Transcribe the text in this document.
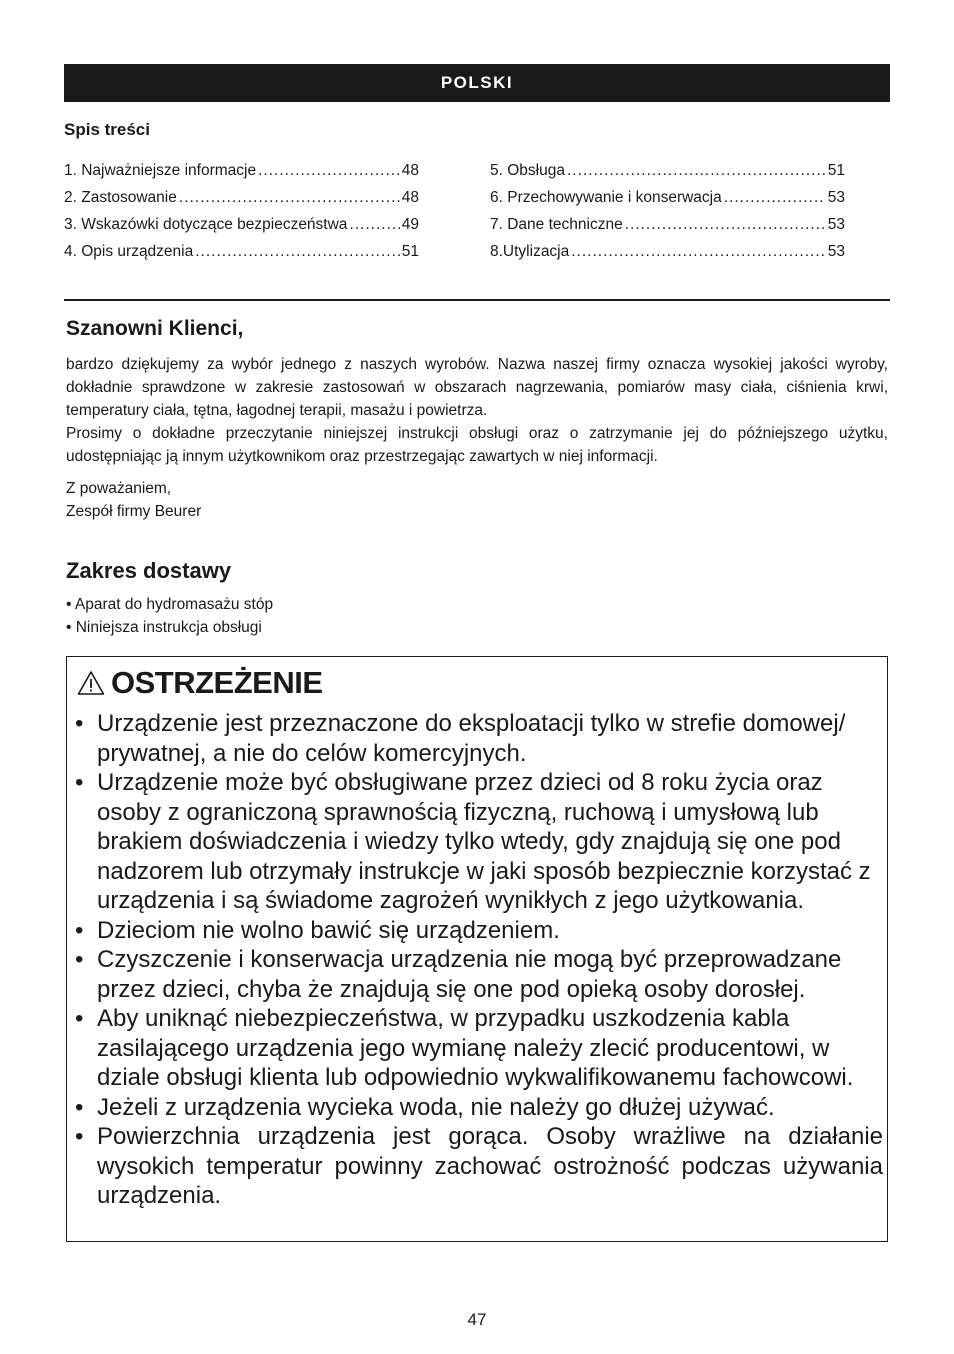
POLSKI
Spis treści
1. Najważniejsze informacje .....	48
2. Zastosowanie .....	48
3. Wskazówki dotyczące bezpieczeństwa .....	49
4. Opis urządzenia .....	51
5. Obsługa .....	51
6. Przechowywanie i konserwacja .....	53
7. Dane techniczne .....	53
8.Utylizacja .....	53
Szanowni Klienci,

bardzo dziękujemy za wybór jednego z naszych wyrobów. Nazwa naszej firmy oznacza wysokiej jakości wyroby, dokładnie sprawdzone w zakresie zastosowań w obszarach nagrzewania, pomiarów masy ciała, ciśnienia krwi, temperatury ciała, tętna, łagodnej terapii, masażu i powietrza.

Prosimy o dokładne przeczytanie niniejszej instrukcji obsługi oraz o zatrzymanie jej do późniejszego użytku, udostępniając ją innym użytkownikom oraz przestrzegając zawartych w niej informacji.

Z poważaniem,
Zespół firmy Beurer
Zakres dostawy
• Aparat do hydromasażu stóp
• Niniejsza instrukcja obsługi
OSTRZEŻENIE
• Urządzenie jest przeznaczone do eksploatacji tylko w strefie domowej/ prywatnej, a nie do celów komercyjnych.
• Urządzenie może być obsługiwane przez dzieci od 8 roku życia oraz osoby z ograniczoną sprawnością fizyczną, ruchową i umysłową lub brakiem doświadczenia i wiedzy tylko wtedy, gdy znajdują się one pod nadzorem lub otrzymały instrukcje w jaki sposób bezpiecznie korzystać z urządzenia i są świadome zagrożeń wynikłych z jego użytkowania.
• Dzieciom nie wolno bawić się urządzeniem.
• Czyszczenie i konserwacja urządzenia nie mogą być przeprowadzane przez dzieci, chyba że znajdują się one pod opieką osoby dorosłej.
• Aby uniknąć niebezpieczeństwa, w przypadku uszkodzenia kabla zasilającego urządzenia jego wymianę należy zlecić producentowi, w dziale obsługi klienta lub odpowiednio wykwalifikowanemu fachowcowi.
• Jeżeli z urządzenia wycieka woda, nie należy go dłużej używać.
• Powierzchnia urządzenia jest gorąca. Osoby wrażliwe na działanie wysokich temperatur powinny zachować ostrożność podczas używania urządzenia.
47
